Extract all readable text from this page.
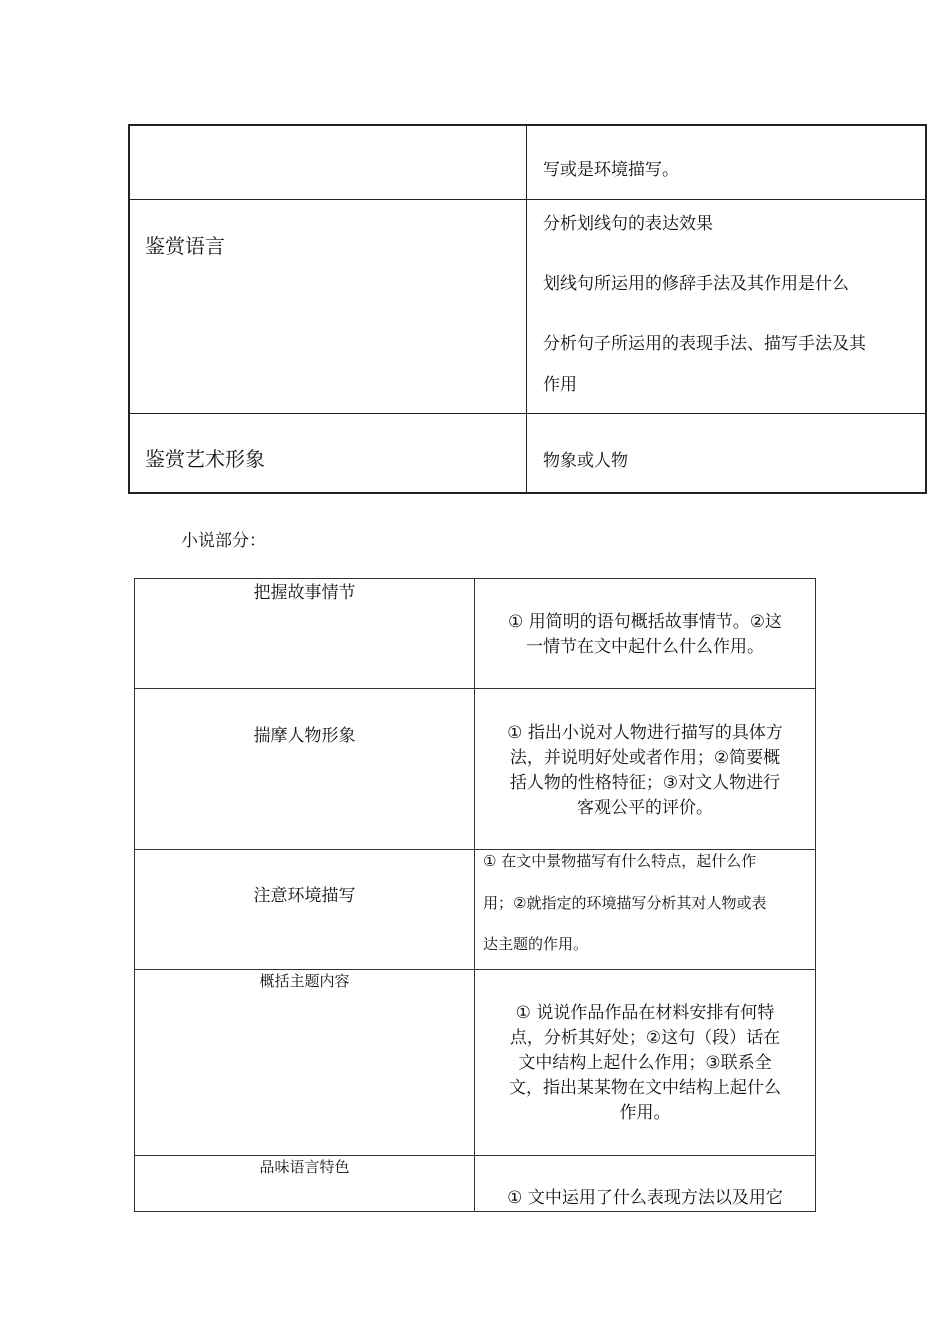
写或是环境描写。
鉴赏语言
分析划线句的表达效果
划线句所运用的修辞手法及其作用是什么
分析句子所运用的表现手法、描写手法及其
作用
鉴赏艺术形象	物象或人物
小说部分：
把握故事情节
① 用简明的语句概括故事情节。②这
一情节在文中起什么什么作用。
揣摩人物形象	① 指出小说对人物进行描写的具体方
法，并说明好处或者作用；②简要概
括人物的性格特征；③对文人物进行
客观公平的评价。
注意环境描写
① 在文中景物描写有什么特点，起什么作
用；②就指定的环境描写分析其对人物或表
达主题的作用。
概括主题内容
① 说说作品作品在材料安排有何特
点，分析其好处；②这句（段）话在
文中结构上起什么作用；③联系全
文，指出某某物在文中结构上起什么
作用。
品味语言特色
① 文中运用了什么表现方法以及用它
